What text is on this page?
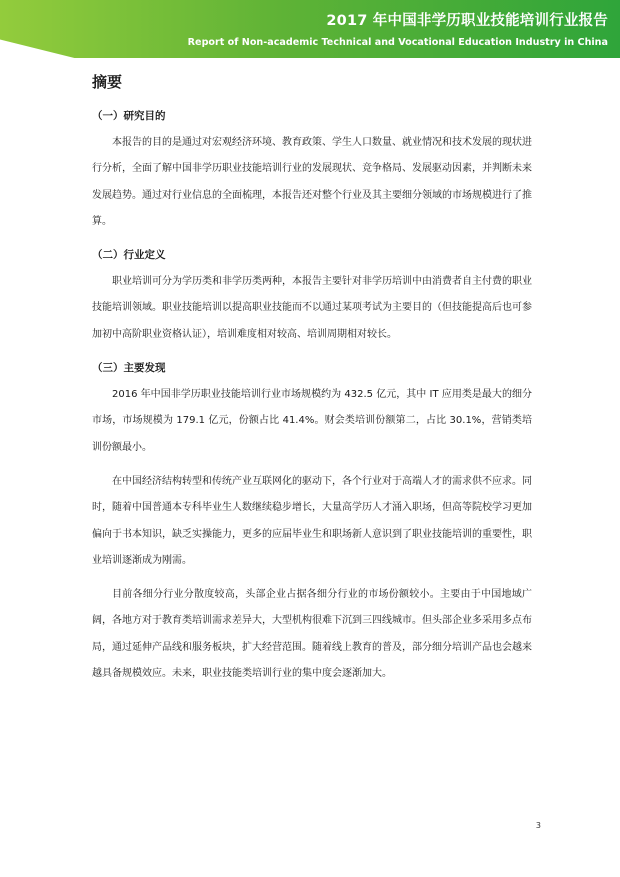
2017 年中国非学历职业技能培训行业报告
Report of Non-academic Technical and Vocational Education Industry in China
摘要
（一）研究目的

本报告的目的是通过对宏观经济环境、教育政策、学生人口数量、就业情况和技术发展的现状进行分析，全面了解中国非学历职业技能培训行业的发展现状、竞争格局、发展驱动因素，并判断未来发展趋势。通过对行业信息的全面梳理，本报告还对整个行业及其主要细分领域的市场规模进行了推算。

（二）行业定义

职业培训可分为学历类和非学历类两种，本报告主要针对非学历培训中由消费者自主付费的职业技能培训领域。职业技能培训以提高职业技能而不以通过某项考试为主要目的（但技能提高后也可参加初中高阶职业资格认证），培训难度相对较高、培训周期相对较长。

（三）主要发现

2016 年中国非学历职业技能培训行业市场规模约为 432.5 亿元，其中 IT 应用类是最大的细分市场，市场规模为 179.1 亿元，份额占比 41.4%。财会类培训份额第二，占比 30.1%，营销类培训份额最小。

在中国经济结构转型和传统产业互联网化的驱动下，各个行业对于高端人才的需求供不应求。同时，随着中国普通本专科毕业生人数继续稳步增长，大量高学历人才涌入职场，但高等院校学习更加偏向于书本知识，缺乏实操能力，更多的应届毕业生和职场新人意识到了职业技能培训的重要性，职业培训逐渐成为刚需。

目前各细分行业分散度较高，头部企业占据各细分行业的市场份额较小。主要由于中国地域广阔，各地方对于教育类培训需求差异大，大型机构很难下沉到三四线城市。但头部企业多采用多点布局，通过延伸产品线和服务板块，扩大经营范围。随着线上教育的普及，部分细分培训产品也会越来越具备规模效应。未来，职业技能类培训行业的集中度会逐渐加大。

3
